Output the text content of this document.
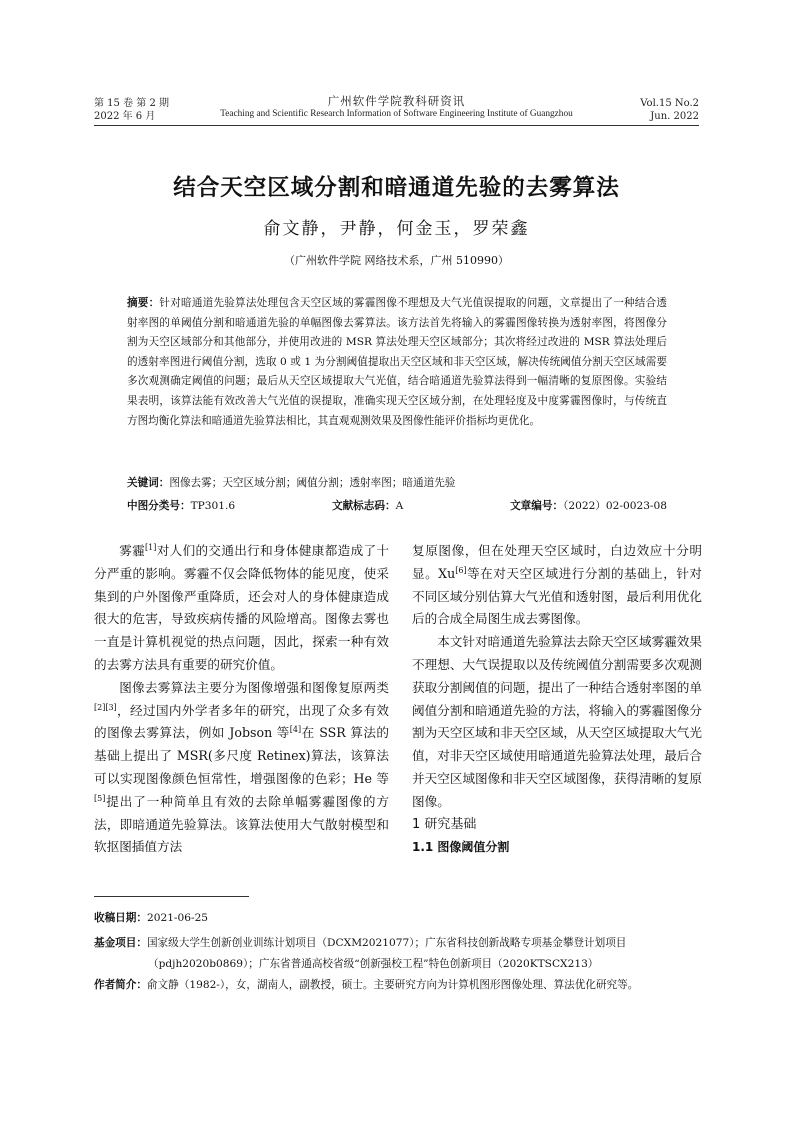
第 15 卷 第 2 期
2022 年 6 月
广州软件学院教科研资讯
Teaching and Scientific Research Information of Software Engineering Institute of Guangzhou
Vol.15 No.2
Jun. 2022
结合天空区域分割和暗通道先验的去雾算法
俞文静，尹静，何金玉，罗荣鑫
（广州软件学院 网络技术系，广州 510990）
摘要：针对暗通道先验算法处理包含天空区域的雾霾图像不理想及大气光值误提取的问题，文章提出了一种结合透射率图的单阈值分割和暗通道先验的单幅图像去雾算法。该方法首先将输入的雾霾图像转换为透射率图，将图像分割为天空区域部分和其他部分，并使用改进的 MSR 算法处理天空区域部分；其次将经过改进的 MSR 算法处理后的透射率图进行阈值分割，选取 0 或 1 为分割阈值提取出天空区域和非天空区域，解决传统阈值分割天空区域需要多次观测确定阈值的问题；最后从天空区域提取大气光值，结合暗通道先验算法得到一幅清晰的复原图像。实验结果表明，该算法能有效改善大气光值的误提取，准确实现天空区域分割，在处理轻度及中度雾霾图像时，与传统直方图均衡化算法和暗通道先验算法相比，其直观观测效果及图像性能评价指标均更优化。
关键词：图像去雾；天空区域分割；阈值分割；透射率图；暗通道先验
中图分类号：TP301.6	文献标志码：A	文章编号：（2022）02-0023-08

雾霾[1]对人们的交通出行和身体健康都造成了十分严重的影响。雾霾不仅会降低物体的能见度，使采集到的户外图像严重降质，还会对人的身体健康造成很大的危害，导致疾病传播的风险增高。图像去雾也一直是计算机视觉的热点问题，因此，探索一种有效的去雾方法具有重要的研究价值。

图像去雾算法主要分为图像增强和图像复原两类[2][3]，经过国内外学者多年的研究，出现了众多有效的图像去雾算法，例如 Jobson 等[4]在 SSR 算法的基础上提出了 MSR(多尺度 Retinex)算法，该算法可以实现图像颜色恒常性，增强图像的色彩；He 等[5]提出了一种简单且有效的去除单幅雾霾图像的方法，即暗通道先验算法。该算法使用大气散射模型和软抠图插值方法

复原图像，但在处理天空区域时，白边效应十分明显。Xu[6]等在对天空区域进行分割的基础上，针对不同区域分别估算大气光值和透射图，最后利用优化后的合成全局图生成去雾图像。

本文针对暗通道先验算法去除天空区域雾霾效果不理想、大气误提取以及传统阈值分割需要多次观测获取分割阈值的问题，提出了一种结合透射率图的单阈值分割和暗通道先验的方法，将输入的雾霾图像分割为天空区域和非天空区域，从天空区域提取大气光值，对非天空区域使用暗通道先验算法处理，最后合并天空区域图像和非天空区域图像，获得清晰的复原图像。

1 研究基础

1.1 图像阈值分割

收稿日期：2021-06-25
基金项目：国家级大学生创新创业训练计划项目（DCXM2021077）；广东省科技创新战略专项基金攀登计划项目
（pdjh2020b0869）；广东省普通高校省级“创新强校工程”特色创新项目（2020KTSCX213）
作者简介：俞文静（1982-），女，湖南人，副教授，硕士。主要研究方向为计算机图形图像处理、算法优化研究等。
